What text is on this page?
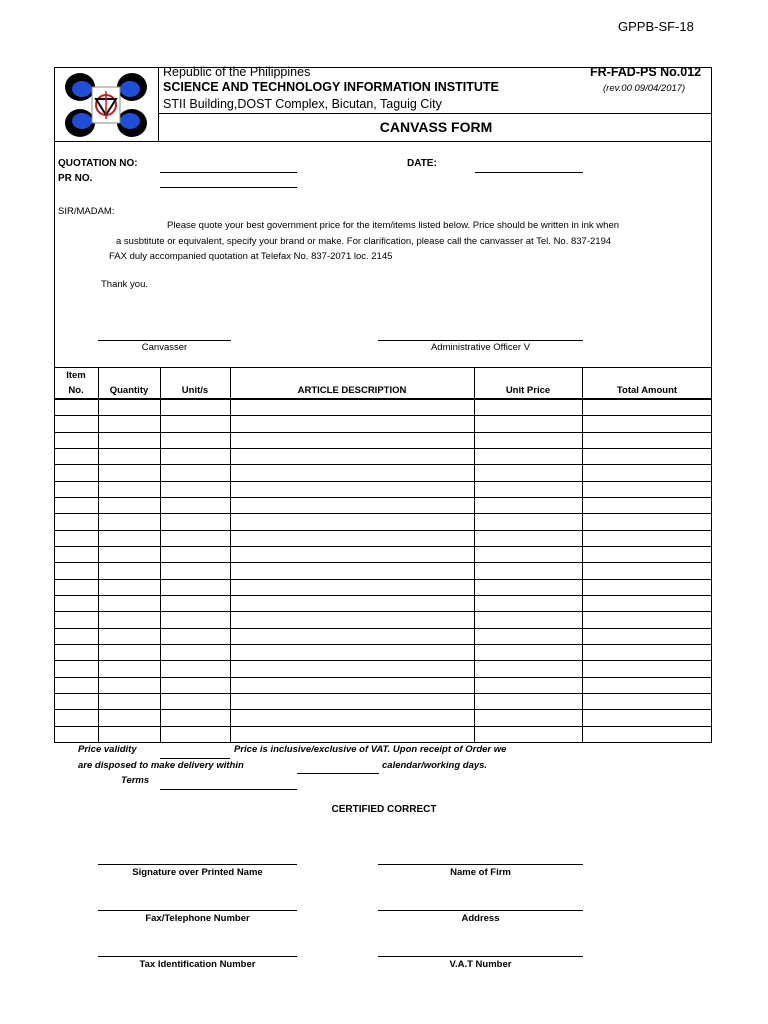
GPPB-SF-18
Republic of the Philippines
SCIENCE AND TECHNOLOGY INFORMATION INSTITUTE
STII Building,DOST Complex, Bicutan, Taguig City
FR-FAD-PS No.012
(rev.00 09/04/2017)
CANVASS FORM
QUOTATION NO:
PR NO.
DATE:
SIR/MADAM:
Please quote your best government price for the item/items listed below. Price should be written in ink when
a susbtitute or equivalent, specify your brand or make. For clarification, please call the canvasser at Tel. No. 837-2194
FAX duly accompanied quotation at Telefax No. 837-2071 loc. 2145
Thank you.
Canvasser	Administrative Officer V
Item
No.	Quantity	Unit/s	ARTICLE DESCRIPTION	Unit Price	Total Amount
Price validity	Price is inclusive/exclusive of VAT. Upon receipt of Order we
are disposed to make delivery within	calendar/working days.
Terms
CERTIFIED CORRECT
Signature over Printed Name	Name of Firm
Fax/Telephone Number	Address
Tax Identification Number	V.A.T Number
